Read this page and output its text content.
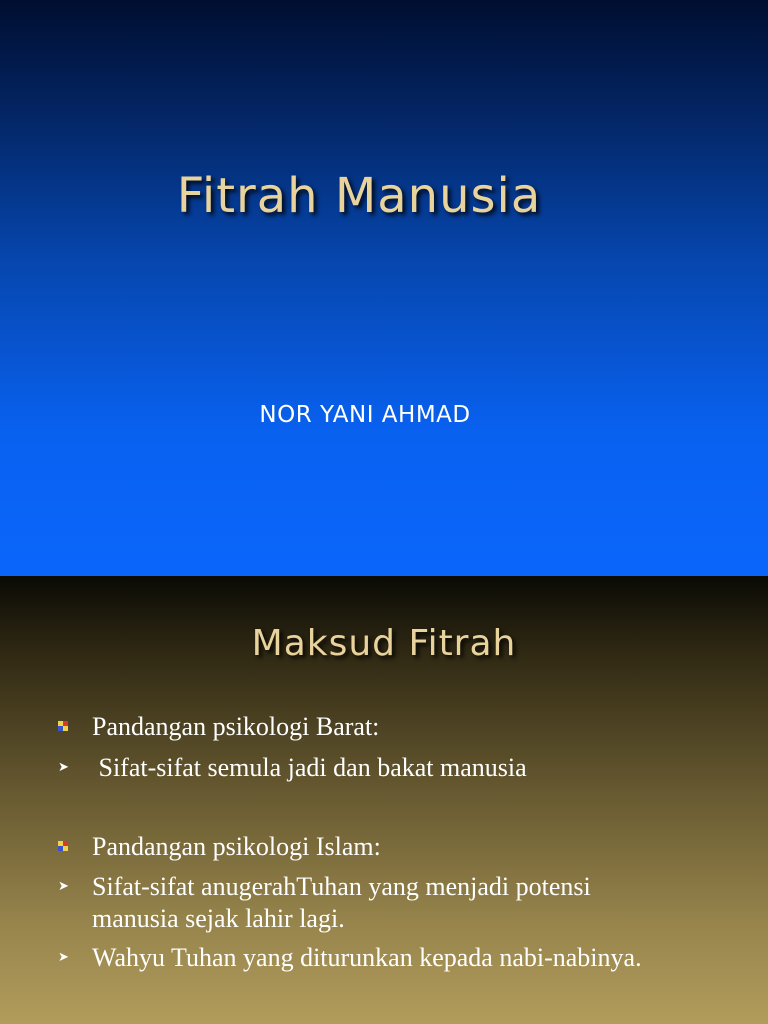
Fitrah Manusia
NOR YANI AHMAD
Maksud Fitrah
Pandangan psikologi Barat:
➤ Sifat-sifat semula jadi dan bakat manusia
Pandangan psikologi Islam:
➤ Sifat-sifat anugerahTuhan yang menjadi potensi manusia sejak lahir lagi.
➤ Wahyu Tuhan yang diturunkan kepada nabi-nabinya.
